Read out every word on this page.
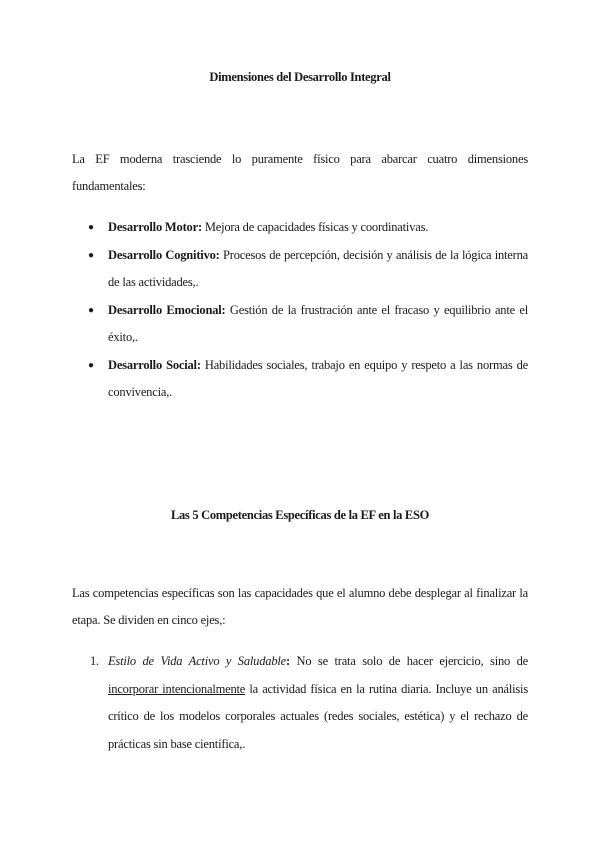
Dimensiones del Desarrollo Integral
La EF moderna trasciende lo puramente físico para abarcar cuatro dimensiones fundamentales:
● Desarrollo Motor: Mejora de capacidades físicas y coordinativas.
● Desarrollo Cognitivo: Procesos de percepción, decisión y análisis de la lógica interna de las actividades,.
● Desarrollo Emocional: Gestión de la frustración ante el fracaso y equilibrio ante el éxito,.
● Desarrollo Social: Habilidades sociales, trabajo en equipo y respeto a las normas de convivencia,.
Las 5 Competencias Específicas de la EF en la ESO
Las competencias específicas son las capacidades que el alumno debe desplegar al finalizar la etapa. Se dividen en cinco ejes,:
1. Estilo de Vida Activo y Saludable: No se trata solo de hacer ejercicio, sino de incorporar intencionalmente la actividad física en la rutina diaria. Incluye un análisis crítico de los modelos corporales actuales (redes sociales, estética) y el rechazo de prácticas sin base científica,.
